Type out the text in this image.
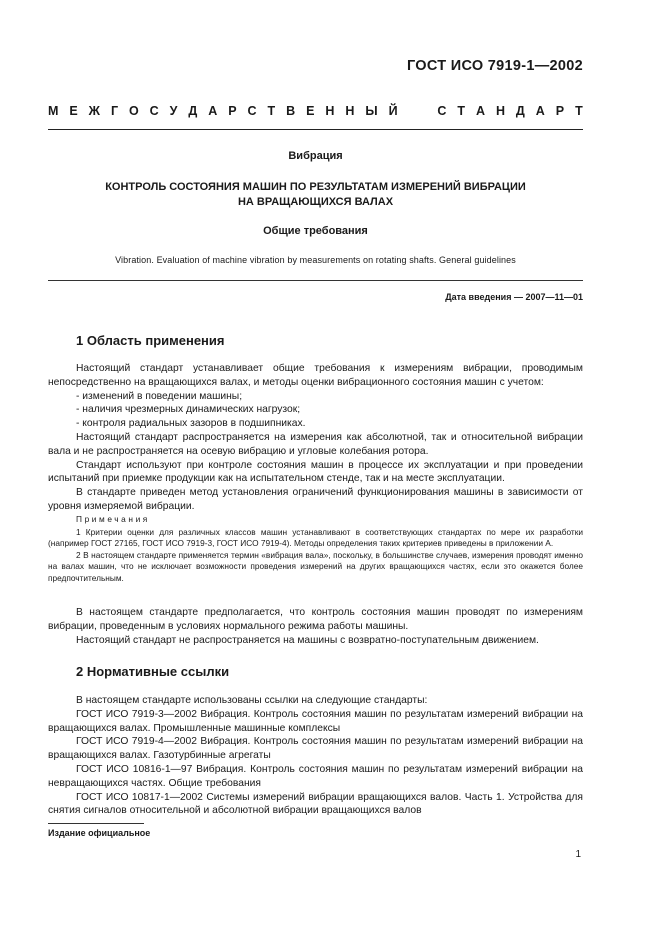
ГОСТ ИСО 7919-1—2002
М Е Ж Г О С У Д А Р С Т В Е Н Н Ы Й

	С Т А Н Д А Р Т
Вибрация
КОНТРОЛЬ СОСТОЯНИЯ МАШИН ПО РЕЗУЛЬТАТАМ ИЗМЕРЕНИЙ ВИБРАЦИИ
НА ВРАЩАЮЩИХСЯ ВАЛАХ
Общие требования
Vibration. Evaluation of machine vibration by measurements on rotating shafts. General guidelines
Дата введения — 2007—11—01
1 Область применения

Настоящий стандарт устанавливает общие требования к измерениям вибрации, проводимым непосредственно на вращающихся валах, и методы оценки вибрационного состояния машин с учетом:

- изменений в поведении машины;

- наличия чрезмерных динамических нагрузок;

- контроля радиальных зазоров в подшипниках.

Настоящий стандарт распространяется на измерения как абсолютной, так и относительной вибрации вала и не распространяется на осевую вибрацию и угловые колебания ротора.

Стандарт используют при контроле состояния машин в процессе их эксплуатации и при проведении испытаний при приемке продукции как на испытательном стенде, так и на месте эксплуатации.

В стандарте приведен метод установления ограничений функционирования машины в зависимости от уровня измеряемой вибрации.

Примечания

1 Критерии оценки для различных классов машин устанавливают в соответствующих стандартах по мере их разработки (например ГОСТ 27165, ГОСТ ИСО 7919-3, ГОСТ ИСО 7919-4). Методы определения таких критериев приведены в приложении А.

2 В настоящем стандарте применяется термин «вибрация вала», поскольку, в большинстве случаев, измерения проводят именно на валах машин, что не исключает возможности проведения измерений на других вращающихся частях, если это окажется более предпочтительным.

В настоящем стандарте предполагается, что контроль состояния машин проводят по измерениям вибрации, проведенным в условиях нормального режима работы машины.

Настоящий стандарт не распространяется на машины с возвратно-поступательным движением.

2 Нормативные ссылки

В настоящем стандарте использованы ссылки на следующие стандарты:

ГОСТ ИСО 7919-3—2002 Вибрация. Контроль состояния машин по результатам измерений вибрации на вращающихся валах. Промышленные машинные комплексы

ГОСТ ИСО 7919-4—2002 Вибрация. Контроль состояния машин по результатам измерений вибрации на вращающихся валах. Газотурбинные агрегаты

ГОСТ ИСО 10816-1—97 Вибрация. Контроль состояния машин по результатам измерений вибрации на невращающихся частях. Общие требования

ГОСТ ИСО 10817-1—2002 Системы измерений вибрации вращающихся валов. Часть 1. Устройства для снятия сигналов относительной и абсолютной вибрации вращающихся валов

Издание официальное
1
